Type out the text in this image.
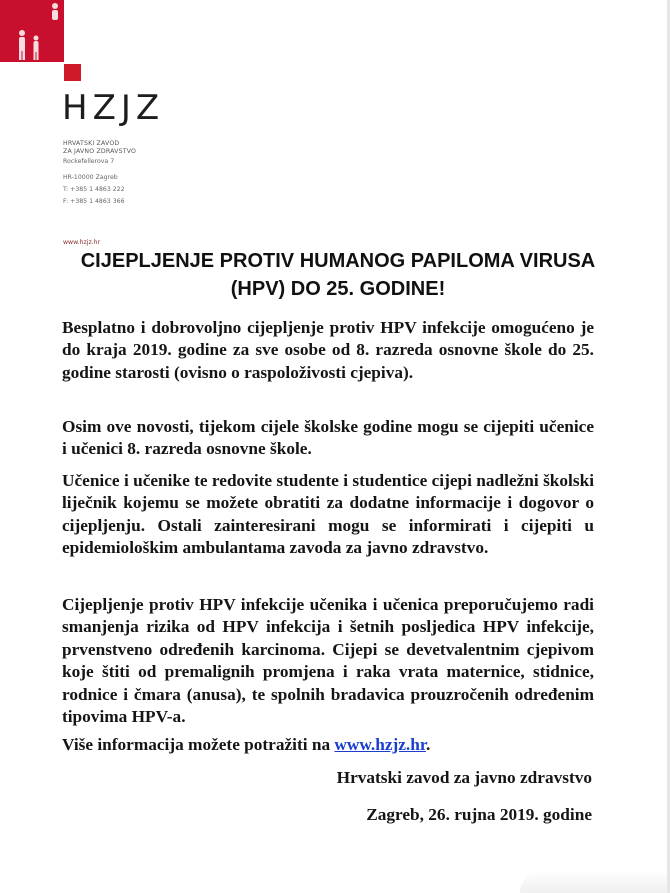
HZJZ
HRVATSKI ZAVOD
ZA JAVNO ZDRAVSTVO
Rockefellerova 7
HR-10000 Zagreb
T: +385 1 4863 222
F: +385 1 4863 366
www.hzjz.hr
CIJEPLJENJE PROTIV HUMANOG PAPILOMA VIRUSA
(HPV) DO 25. GODINE!

Besplatno i dobrovoljno cijepljenje protiv HPV infekcije omogućeno je do kraja 2019. godine za sve osobe od 8. razreda osnovne škole do 25. godine starosti (ovisno o raspoloživosti cjepiva).

Osim ove novosti, tijekom cijele školske godine mogu se cijepiti učenice i učenici 8. razreda osnovne škole.

Učenice i učenike te redovite studente i studentice cijepi nadležni školski liječnik kojemu se možete obratiti za dodatne informacije i dogovor o cijepljenju. Ostali zainteresirani mogu se informirati i cijepiti u epidemiološkim ambulantama zavoda za javno zdravstvo.

Cijepljenje protiv HPV infekcije učenika i učenica preporučujemo radi smanjenja rizika od HPV infekcija i šetnih posljedica HPV infekcije, prvenstveno određenih karcinoma. Cijepi se devetvalentnim cjepivom koje štiti od premalignih promjena i raka vrata maternice, stidnice, rodnice i čmara (anusa), te spolnih bradavica prouzročenih određenim tipovima HPV-a.

Više informacija možete potražiti na www.hzjz.hr.
Hrvatski zavod za javno zdravstvo
Zagreb, 26. rujna 2019. godine
